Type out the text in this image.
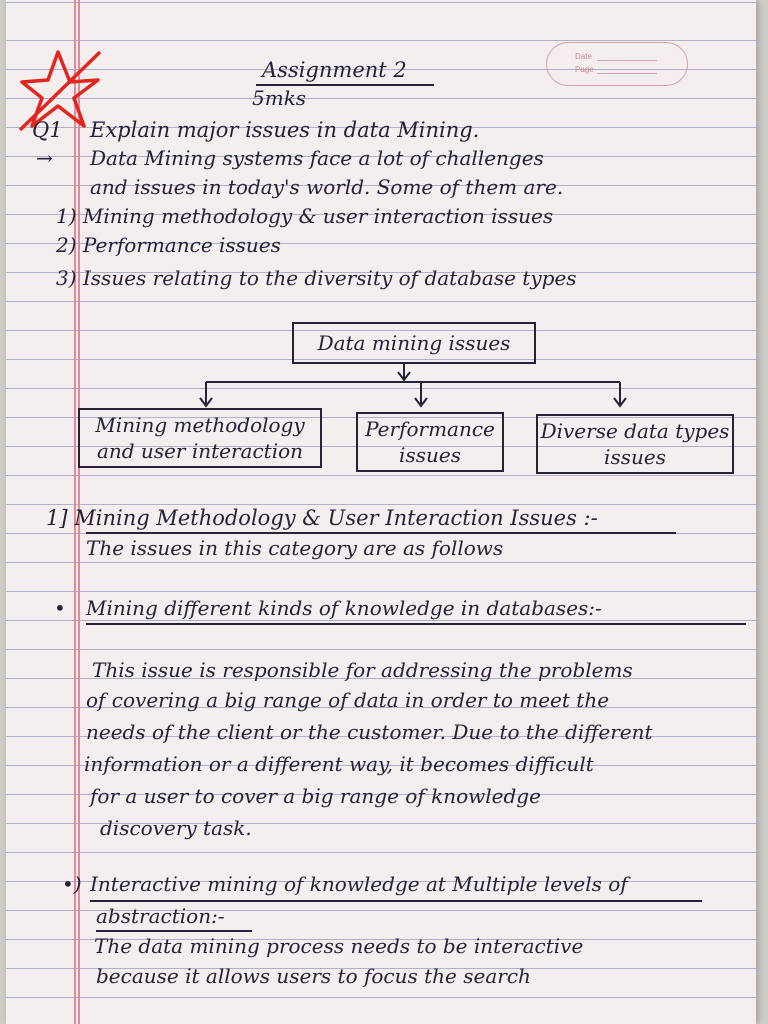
Date
Page
Assignment 2
5mks
Q1 Explain major issues in data Mining.
→ Data Mining systems face a lot of challenges
and issues in today's world. Some of them are.
1) Mining methodology & user interaction issues
2) Performance issues
3) Issues relating to the diversity of database types
Data mining issues
Mining methodology and user interaction
Performance issues
Diverse data types issues
1] Mining Methodology & User Interaction Issues :-
The issues in this category are as follows
• Mining different kinds of knowledge in databases:-
This issue is responsible for addressing the problems
of covering a big range of data in order to meet the
needs of the client or the customer. Due to the different
information or a different way, it becomes difficult
for a user to cover a big range of knowledge
discovery task.
•) Interactive mining of knowledge at Multiple levels of
abstraction:-
The data mining process needs to be interactive
because it allows users to focus the search
